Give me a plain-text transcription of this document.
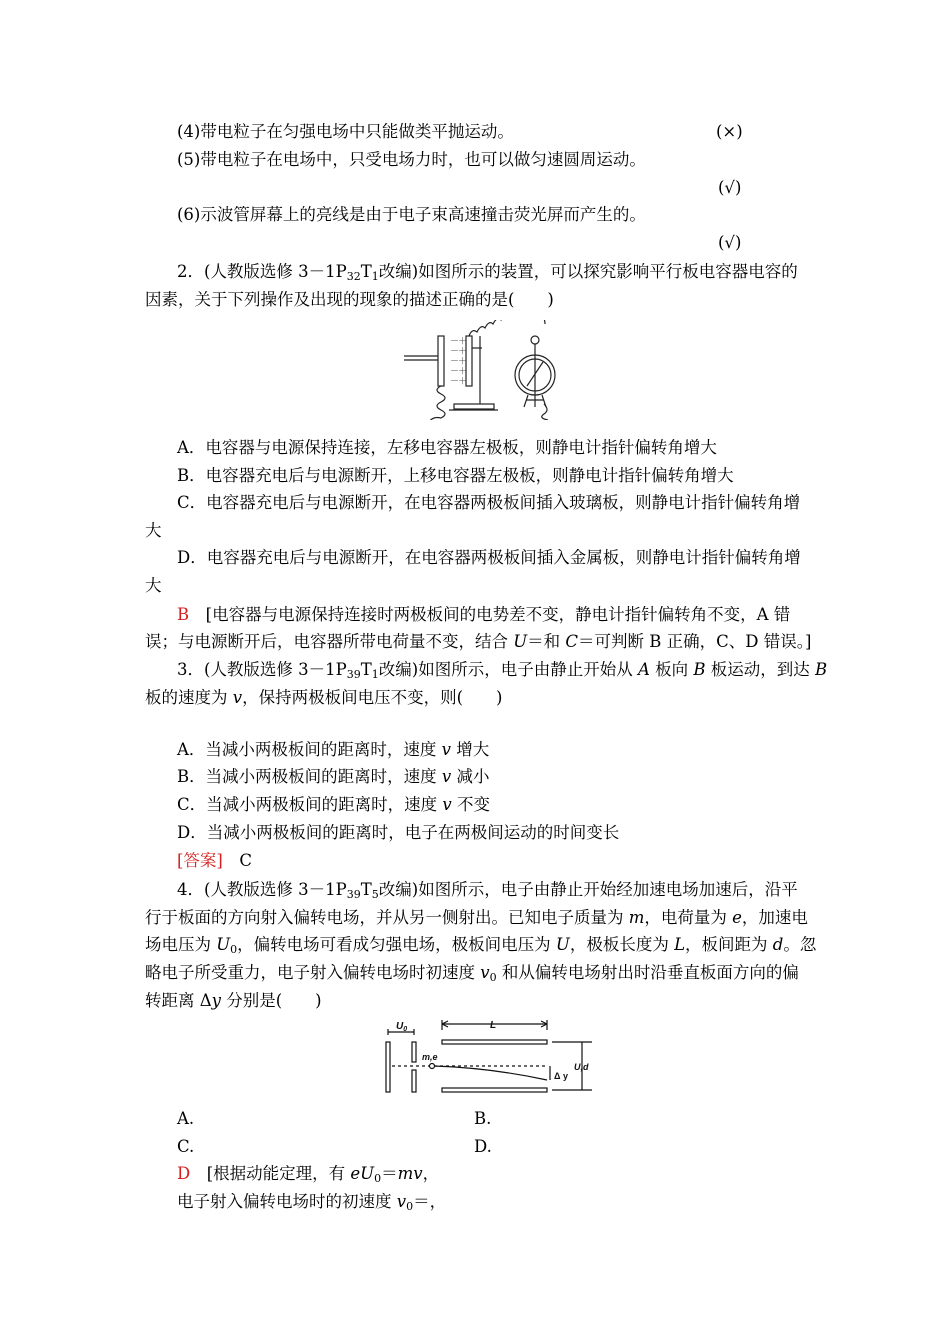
(4)带电粒子在匀强电场中只能做类平抛运动。	(×)
(5)带电粒子在电场中，只受电场力时，也可以做匀速圆周运动。
(√)
(6)示波管屏幕上的亮线是由于电子束高速撞击荧光屏而产生的。
(√)
2．(人教版选修 $3-1P_{32}T_1$改编)如图所示的装置，可以探究影响平行板电容器电容的
因素，关于下列操作及出现的现象的描述正确的是(　　)
－
－
－
－
－
＋
＋
＋
＋
＋
A．电容器与电源保持连接，左移电容器左极板，则静电计指针偏转角增大
B．电容器充电后与电源断开，上移电容器左极板，则静电计指针偏转角增大
C．电容器充电后与电源断开，在电容器两极板间插入玻璃板，则静电计指针偏转角增
大
D．电容器充电后与电源断开，在电容器两极板间插入金属板，则静电计指针偏转角增
大
B　 [电容器与电源保持连接时两极板间的电势差不变，静电计指针偏转角不变，A 错
误；与电源断开后，电容器所带电荷量不变，结合 U＝和 C＝可判断 B 正确，C、D 错误。]
3．(人教版选修 $3-1P_{39}T_1$改编)如图所示，电子由静止开始从 A 板向 B 板运动，到达 B
板的速度为 v，保持两极板间电压不变，则(　　)
A．当减小两极板间的距离时，速度 v 增大
B．当减小两极板间的距离时，速度 v 减小
C．当减小两极板间的距离时，速度 v 不变
D．当减小两极板间的距离时，电子在两极间运动的时间变长
[答案]　 C
4．(人教版选修 $3-1P_{39}T_5$改编)如图所示，电子由静止开始经加速电场加速后，沿平
行于板面的方向射入偏转电场，并从另一侧射出。已知电子质量为 m，电荷量为 e，加速电
场电压为 $U_0$，偏转电场可看成匀强电场，极板间电压为 U，极板长度为 L，板间距为 d。忽
略电子所受重力，电子射入偏转电场时初速度 $v_0$ 和从偏转电场射出时沿垂直板面方向的偏
转距离 Δy 分别是(　　)
$U_0$	L
m,e
U,d
Δ y
A.	B.
C.	D.
D　 [根据动能定理，有 $eU_0=mv$，
电子射入偏转电场时的初速度 $v_0=$，
